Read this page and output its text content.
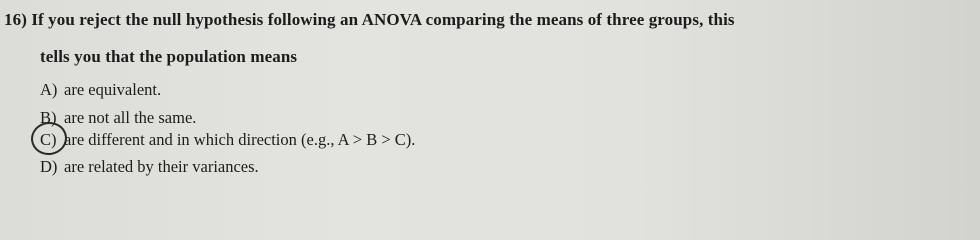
16) If you reject the null hypothesis following an ANOVA comparing the means of three groups, this
tells you that the population means
A) are equivalent.
B) are not all the same.
C) are different and in which direction (e.g., A > B > C).
D) are related by their variances.
